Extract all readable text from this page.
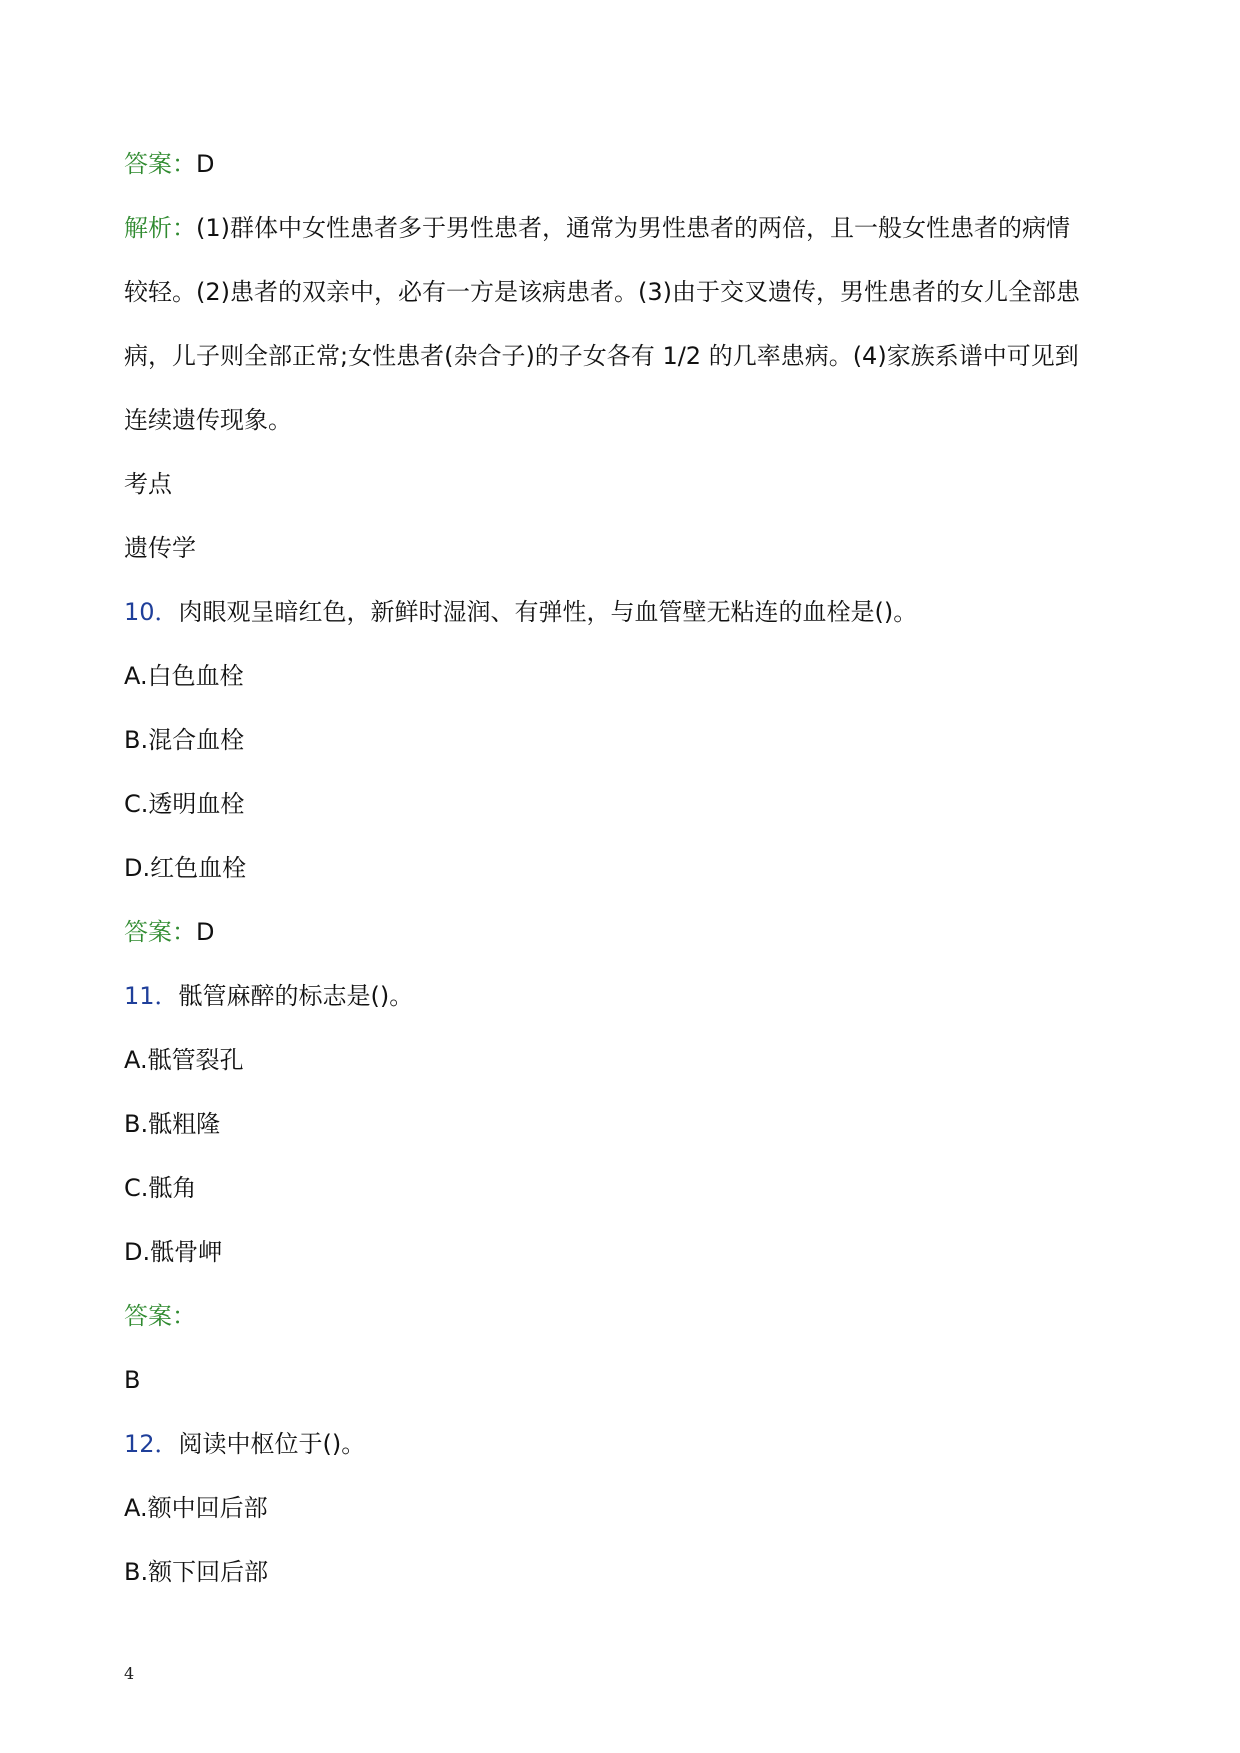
答案：D
解析：(1)群体中女性患者多于男性患者，通常为男性患者的两倍，且一般女性患者的病情
较轻。(2)患者的双亲中，必有一方是该病患者。(3)由于交叉遗传，男性患者的女儿全部患
病，儿子则全部正常;女性患者(杂合子)的子女各有 1/2 的几率患病。(4)家族系谱中可见到
连续遗传现象。
考点
遗传学
10．肉眼观呈暗红色，新鲜时湿润、有弹性，与血管壁无粘连的血栓是()。
A.白色血栓
B.混合血栓
C.透明血栓
D.红色血栓
答案：D
11．骶管麻醉的标志是()。
A.骶管裂孔
B.骶粗隆
C.骶角
D.骶骨岬
答案：
B
12．阅读中枢位于()。
A.额中回后部
B.额下回后部
4
